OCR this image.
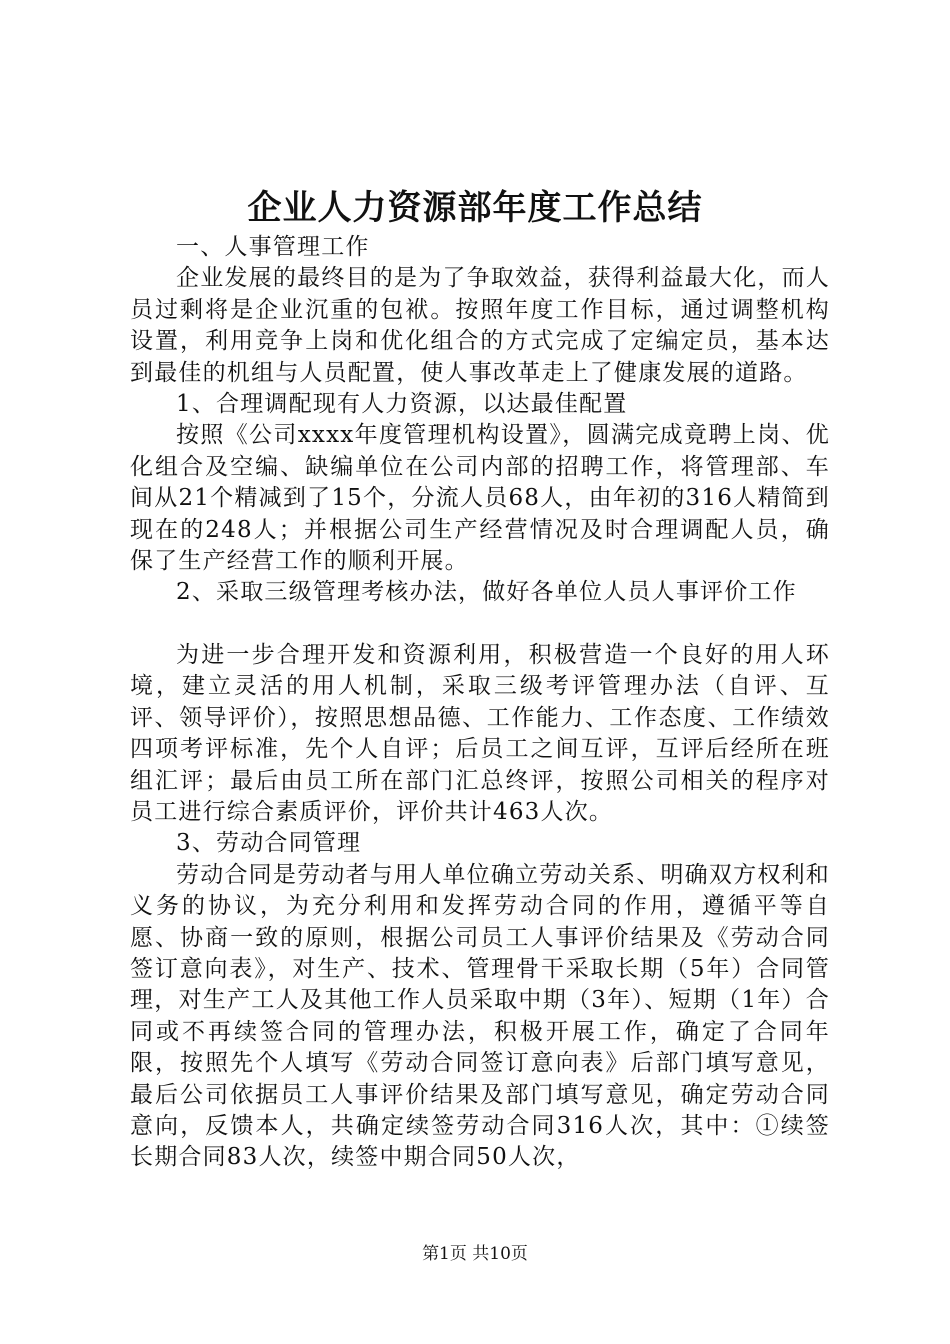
企业人力资源部年度工作总结

一、人事管理工作

企业发展的最终目的是为了争取效益，获得利益最大化，而人员过剩将是企业沉重的包袱。按照年度工作目标，通过调整机构设置，利用竞争上岗和优化组合的方式完成了定编定员，基本达到最佳的机组与人员配置，使人事改革走上了健康发展的道路。

1、合理调配现有人力资源，以达最佳配置

按照《公司xxxx年度管理机构设置》，圆满完成竟聘上岗、优化组合及空编、缺编单位在公司内部的招聘工作，将管理部、车间从21个精减到了15个，分流人员68人，由年初的316人精简到现在的248人；并根据公司生产经营情况及时合理调配人员，确保了生产经营工作的顺利开展。

2、采取三级管理考核办法，做好各单位人员人事评价工作

为进一步合理开发和资源利用，积极营造一个良好的用人环境，建立灵活的用人机制，采取三级考评管理办法（自评、互评、领导评价），按照思想品德、工作能力、工作态度、工作绩效四项考评标准，先个人自评；后员工之间互评，互评后经所在班组汇评；最后由员工所在部门汇总终评，按照公司相关的程序对员工进行综合素质评价，评价共计463人次。

3、劳动合同管理

劳动合同是劳动者与用人单位确立劳动关系、明确双方权利和义务的协议，为充分利用和发挥劳动合同的作用，遵循平等自愿、协商一致的原则，根据公司员工人事评价结果及《劳动合同签订意向表》，对生产、技术、管理骨干采取长期（5年）合同管理，对生产工人及其他工作人员采取中期（3年）、短期（1年）合同或不再续签合同的管理办法，积极开展工作，确定了合同年限，按照先个人填写《劳动合同签订意向表》后部门填写意见，最后公司依据员工人事评价结果及部门填写意见，确定劳动合同意向，反馈本人，共确定续签劳动合同316人次，其中：①续签长期合同83人次，续签中期合同50人次，

第1页 共10页
